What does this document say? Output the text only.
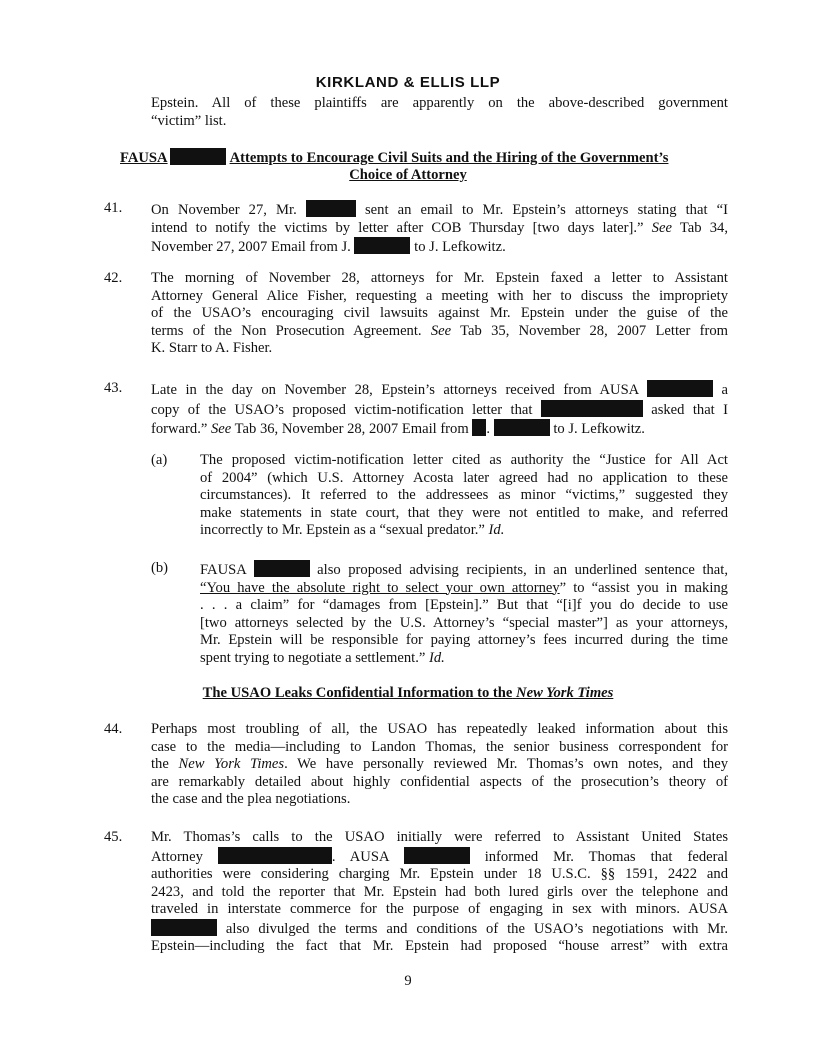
KIRKLAND & ELLIS LLP
Epstein. All of these plaintiffs are apparently on the above-described government
“victim” list.
FAUSA	Attempts to Encourage Civil Suits and the Hiring of the Government’s
Choice of Attorney
41. On November 27, Mr.	sent an email to Mr. Epstein’s attorneys stating that “I
intend to notify the victims by letter after COB Thursday [two days later].” See Tab 34,
November 27, 2007 Email from J.	to J. Lefkowitz.
42. The morning of November 28, attorneys for Mr. Epstein faxed a letter to Assistant
Attorney General Alice Fisher, requesting a meeting with her to discuss the impropriety
of the USAO’s encouraging civil lawsuits against Mr. Epstein under the guise of the
terms of the Non Prosecution Agreement. See Tab 35, November 28, 2007 Letter from
K. Starr to A. Fisher.
43. Late in the day on November 28, Epstein’s attorneys received from AUSA	a
copy of the USAO’s proposed victim-notification letter that	asked that I
forward.” See Tab 36, November 28, 2007 Email from .	to J. Lefkowitz.
(a) The proposed victim-notification letter cited as authority the “Justice for All Act
of 2004” (which U.S. Attorney Acosta later agreed had no application to these
circumstances). It referred to the addressees as minor “victims,” suggested they
make statements in state court, that they were not entitled to make, and referred
incorrectly to Mr. Epstein as a “sexual predator.” Id.
(b) FAUSA	also proposed advising recipients, in an underlined sentence that,
“You have the absolute right to select your own attorney” to “assist you in making
. . . a claim” for “damages from [Epstein].” But that “[i]f you do decide to use
[two attorneys selected by the U.S. Attorney’s “special master”] as your attorneys,
Mr. Epstein will be responsible for paying attorney’s fees incurred during the time
spent trying to negotiate a settlement.” Id.
The USAO Leaks Confidential Information to the New York Times
44. Perhaps most troubling of all, the USAO has repeatedly leaked information about this
case to the media—including to Landon Thomas, the senior business correspondent for
the New York Times. We have personally reviewed Mr. Thomas’s own notes, and they
are remarkably detailed about highly confidential aspects of the prosecution’s theory of
the case and the plea negotiations.
45. Mr. Thomas’s calls to the USAO initially were referred to Assistant United States
Attorney	. AUSA	informed Mr. Thomas that federal
authorities were considering charging Mr. Epstein under 18 U.S.C. §§ 1591, 2422 and
2423, and told the reporter that Mr. Epstein had both lured girls over the telephone and
traveled in interstate commerce for the purpose of engaging in sex with minors. AUSA
also divulged the terms and conditions of the USAO’s negotiations with Mr.
Epstein—including the fact that Mr. Epstein had proposed “house arrest” with extra
9
